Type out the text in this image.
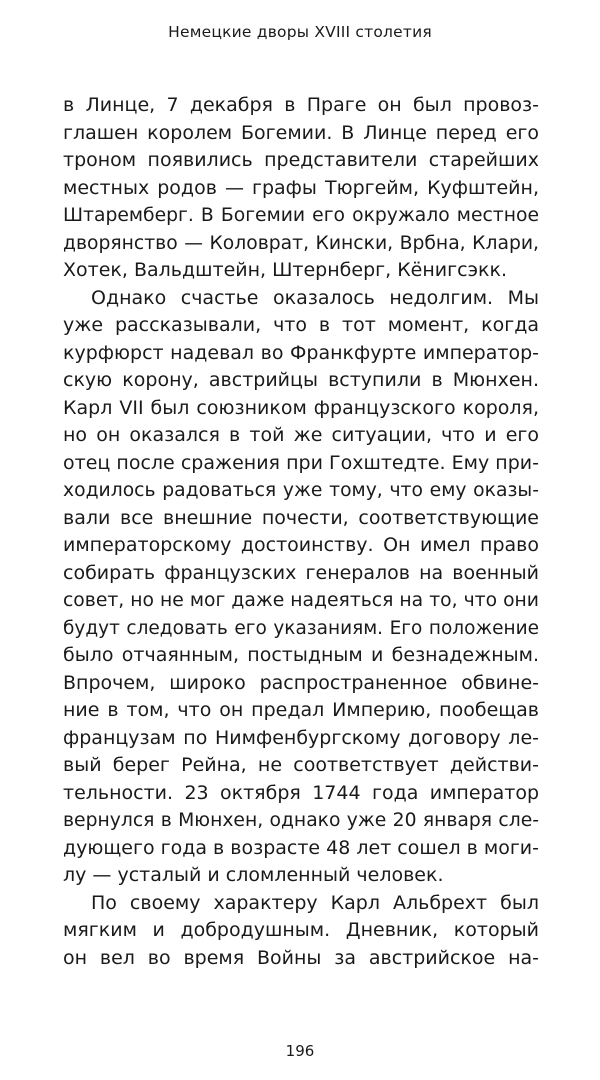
Немецкие дворы XVIII столетия

в Линце, 7 декабря в Праге он был провоз-
глашен королем Богемии. В Линце перед его
троном появились представители старейших
местных родов — графы Тюргейм, Куфштейн,
Штаремберг. В Богемии его окружало местное
дворянство — Коловрат, Кински, Врбна, Клари,
Хотек, Вальдштейн, Штернберг, Кёнигсэкк.

Однако счастье оказалось недолгим. Мы
уже рассказывали, что в тот момент, когда
курфюрст надевал во Франкфурте император-
скую корону, австрийцы вступили в Мюнхен.
Карл VII был союзником французского короля,
но он оказался в той же ситуации, что и его
отец после сражения при Гохштедте. Ему при-
ходилось радоваться уже тому, что ему оказы-
вали все внешние почести, соответствующие
императорскому достоинству. Он имел право
собирать французских генералов на военный
совет, но не мог даже надеяться на то, что они
будут следовать его указаниям. Его положение
было отчаянным, постыдным и безнадежным.
Впрочем, широко распространенное обвине-
ние в том, что он предал Империю, пообещав
французам по Нимфенбургскому договору ле-
вый берег Рейна, не соответствует действи-
тельности. 23 октября 1744 года император
вернулся в Мюнхен, однако уже 20 января сле-
дующего года в возрасте 48 лет сошел в моги-
лу — усталый и сломленный человек.

По своему характеру Карл Альбрехт был
мягким и добродушным. Дневник, который
он вел во время Войны за австрийское на-

196
